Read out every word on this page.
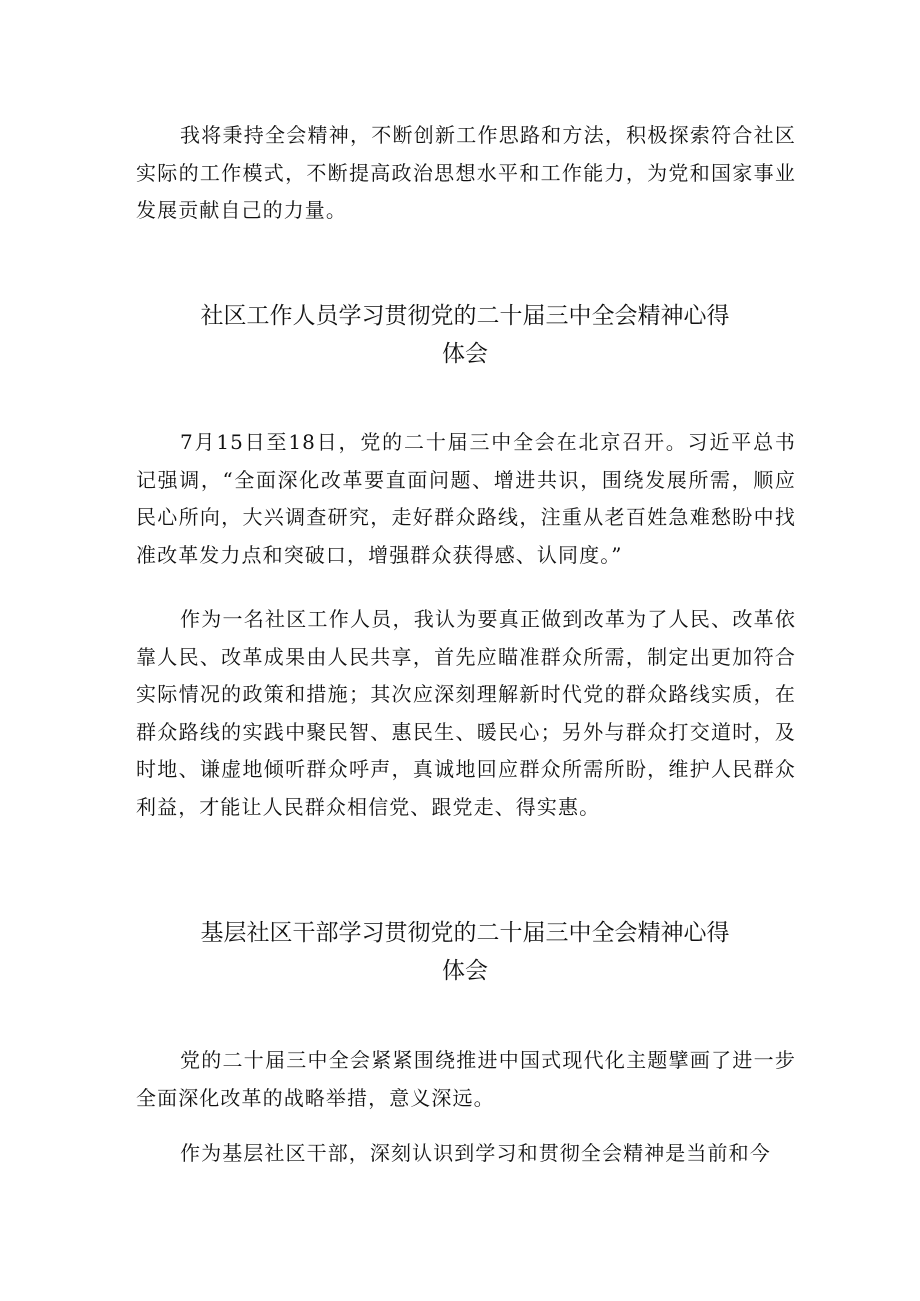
我将秉持全会精神，不断创新工作思路和方法，积极探索符合社区实际的工作模式，不断提高政治思想水平和工作能力，为党和国家事业发展贡献自己的力量。

社区工作人员学习贯彻党的二十届三中全会精神心得
体会

7月15日至18日，党的二十届三中全会在北京召开。习近平总书记强调，“全面深化改革要直面问题、增进共识，围绕发展所需，顺应民心所向，大兴调查研究，走好群众路线，注重从老百姓急难愁盼中找准改革发力点和突破口，增强群众获得感、认同度。”

作为一名社区工作人员，我认为要真正做到改革为了人民、改革依靠人民、改革成果由人民共享，首先应瞄准群众所需，制定出更加符合实际情况的政策和措施；其次应深刻理解新时代党的群众路线实质，在群众路线的实践中聚民智、惠民生、暖民心；另外与群众打交道时，及时地、谦虚地倾听群众呼声，真诚地回应群众所需所盼，维护人民群众利益，才能让人民群众相信党、跟党走、得实惠。

基层社区干部学习贯彻党的二十届三中全会精神心得
体会

党的二十届三中全会紧紧围绕推进中国式现代化主题擘画了进一步全面深化改革的战略举措，意义深远。

作为基层社区干部，深刻认识到学习和贯彻全会精神是当前和今
